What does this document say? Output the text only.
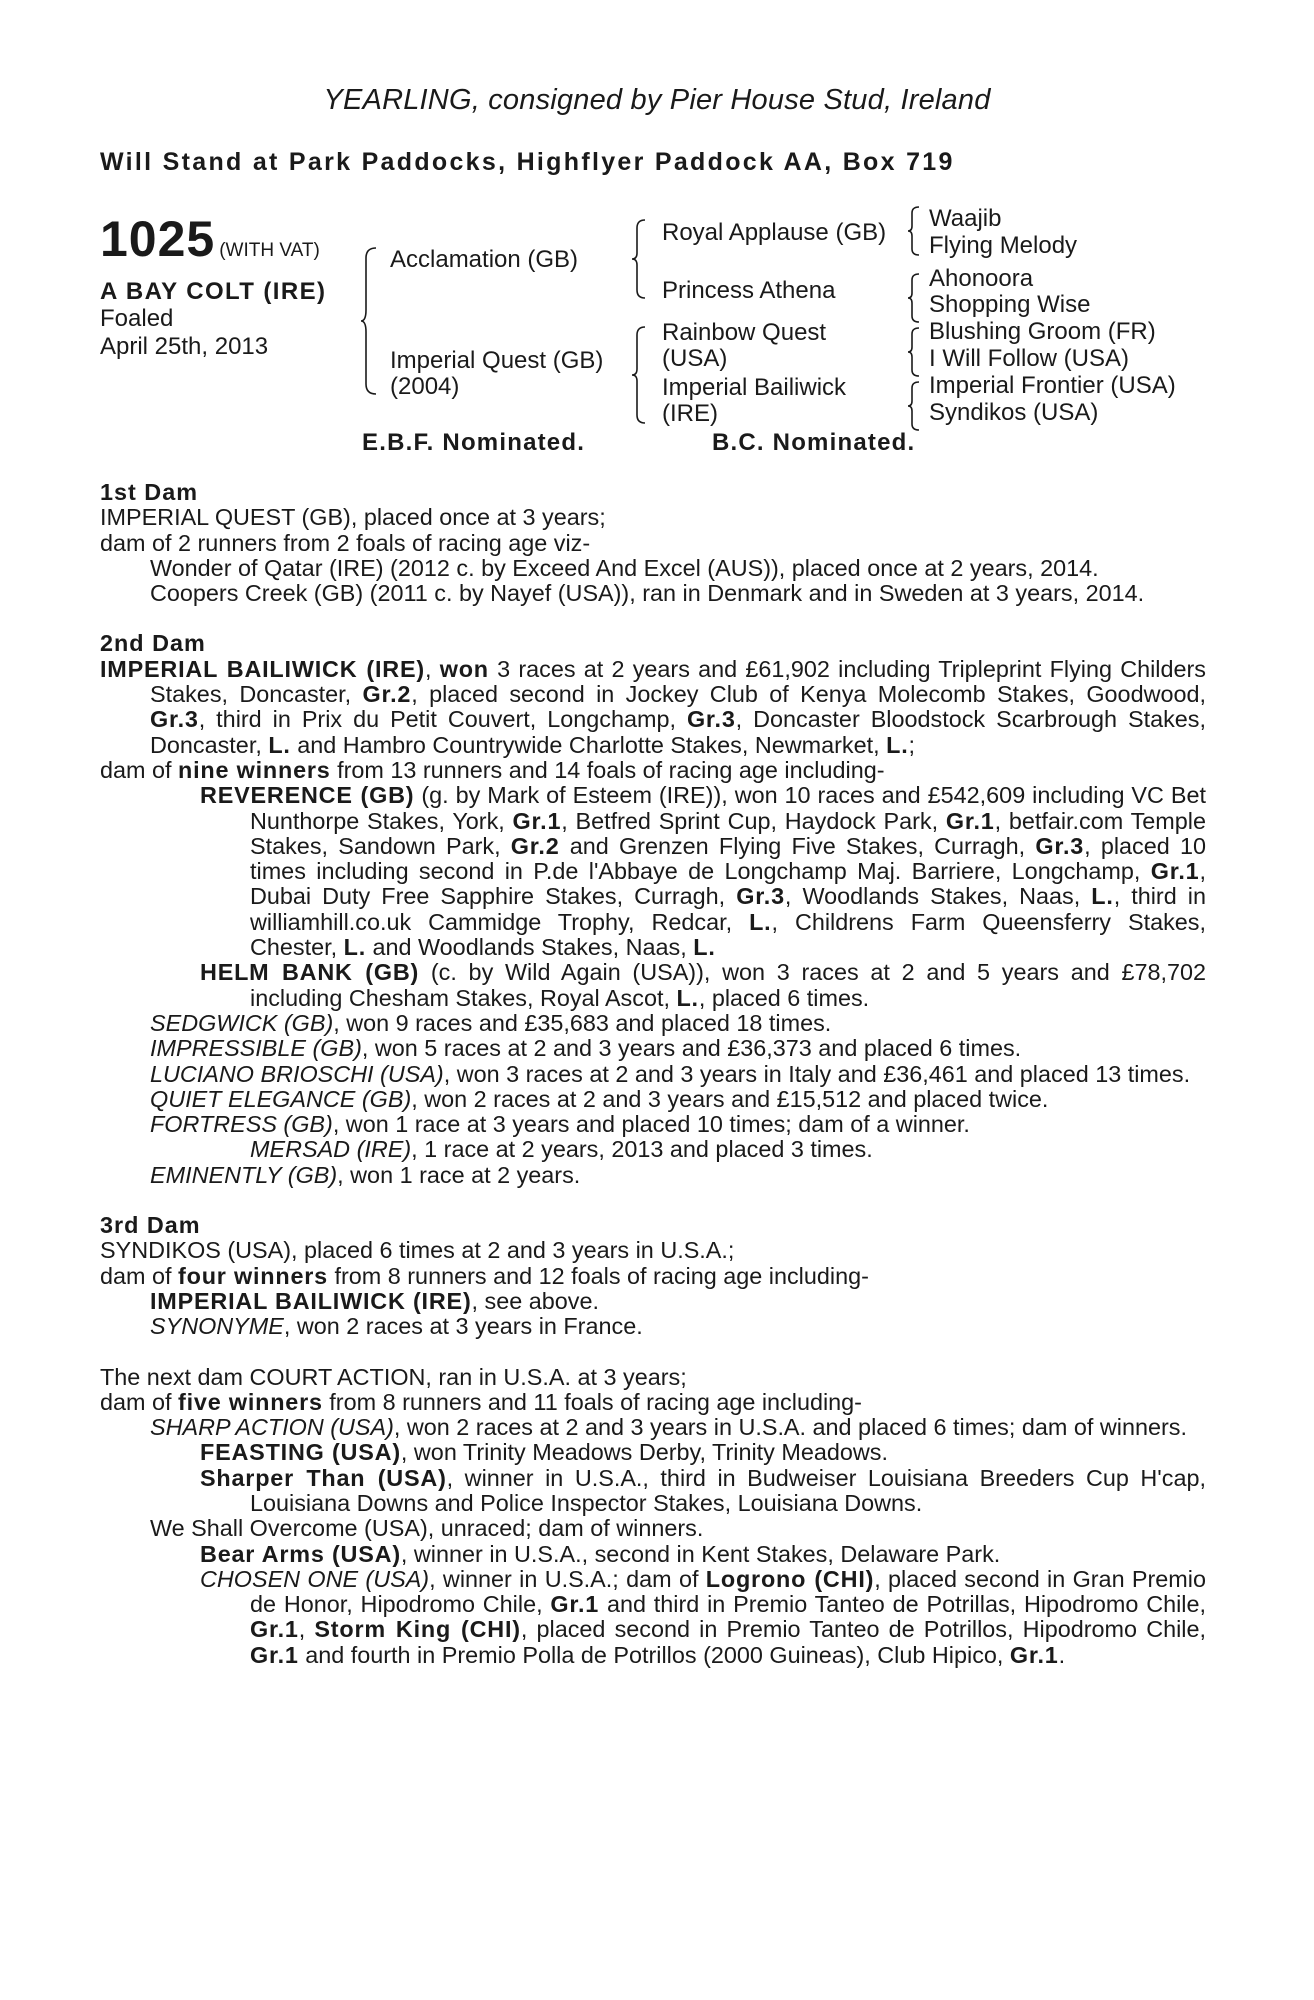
YEARLING, consigned by Pier House Stud, Ireland
Will Stand at Park Paddocks, Highflyer Paddock AA, Box 719
1025 (WITH VAT)
A BAY COLT (IRE)
Foaled
April 25th, 2013
Acclamation (GB)
Imperial Quest (GB)
(2004)
Royal Applause (GB)
Princess Athena
Rainbow Quest
(USA)
Imperial Bailiwick
(IRE)
Waajib
Flying Melody
Ahonoora
Shopping Wise
Blushing Groom (FR)
I Will Follow (USA)
Imperial Frontier (USA)
Syndikos (USA)
E.B.F. Nominated.	B.C. Nominated.

1st Dam

IMPERIAL QUEST (GB), placed once at 3 years;

dam of 2 runners from 2 foals of racing age viz-

Wonder of Qatar (IRE) (2012 c. by Exceed And Excel (AUS)), placed once at 2 years, 2014.

Coopers Creek (GB) (2011 c. by Nayef (USA)), ran in Denmark and in Sweden at 3 years, 2014.

2nd Dam

IMPERIAL BAILIWICK (IRE), won 3 races at 2 years and £61,902 including Tripleprint Flying Childers Stakes, Doncaster, Gr.2, placed second in Jockey Club of Kenya Molecomb Stakes, Goodwood, Gr.3, third in Prix du Petit Couvert, Longchamp, Gr.3, Doncaster Bloodstock Scarbrough Stakes, Doncaster, L. and Hambro Countrywide Charlotte Stakes, Newmarket, L.;

dam of nine winners from 13 runners and 14 foals of racing age including-

REVERENCE (GB) (g. by Mark of Esteem (IRE)), won 10 races and £542,609 including VC Bet Nunthorpe Stakes, York, Gr.1, Betfred Sprint Cup, Haydock Park, Gr.1, betfair.com Temple Stakes, Sandown Park, Gr.2 and Grenzen Flying Five Stakes, Curragh, Gr.3, placed 10 times including second in P.de l'Abbaye de Longchamp Maj. Barriere, Longchamp, Gr.1, Dubai Duty Free Sapphire Stakes, Curragh, Gr.3, Woodlands Stakes, Naas, L., third in williamhill.co.uk Cammidge Trophy, Redcar, L., Childrens Farm Queensferry Stakes, Chester, L. and Woodlands Stakes, Naas, L.

HELM BANK (GB) (c. by Wild Again (USA)), won 3 races at 2 and 5 years and £78,702 including Chesham Stakes, Royal Ascot, L., placed 6 times.

SEDGWICK (GB), won 9 races and £35,683 and placed 18 times.

IMPRESSIBLE (GB), won 5 races at 2 and 3 years and £36,373 and placed 6 times.

LUCIANO BRIOSCHI (USA), won 3 races at 2 and 3 years in Italy and £36,461 and placed 13 times.

QUIET ELEGANCE (GB), won 2 races at 2 and 3 years and £15,512 and placed twice.

FORTRESS (GB), won 1 race at 3 years and placed 10 times; dam of a winner.

MERSAD (IRE), 1 race at 2 years, 2013 and placed 3 times.

EMINENTLY (GB), won 1 race at 2 years.

3rd Dam

SYNDIKOS (USA), placed 6 times at 2 and 3 years in U.S.A.;

dam of four winners from 8 runners and 12 foals of racing age including-

IMPERIAL BAILIWICK (IRE), see above.

SYNONYME, won 2 races at 3 years in France.

The next dam COURT ACTION, ran in U.S.A. at 3 years;

dam of five winners from 8 runners and 11 foals of racing age including-

SHARP ACTION (USA), won 2 races at 2 and 3 years in U.S.A. and placed 6 times; dam of winners.

FEASTING (USA), won Trinity Meadows Derby, Trinity Meadows.

Sharper Than (USA), winner in U.S.A., third in Budweiser Louisiana Breeders Cup H'cap, Louisiana Downs and Police Inspector Stakes, Louisiana Downs.

We Shall Overcome (USA), unraced; dam of winners.

Bear Arms (USA), winner in U.S.A., second in Kent Stakes, Delaware Park.

CHOSEN ONE (USA), winner in U.S.A.; dam of Logrono (CHI), placed second in Gran Premio de Honor, Hipodromo Chile, Gr.1 and third in Premio Tanteo de Potrillas, Hipodromo Chile, Gr.1, Storm King (CHI), placed second in Premio Tanteo de Potrillos, Hipodromo Chile, Gr.1 and fourth in Premio Polla de Potrillos (2000 Guineas), Club Hipico, Gr.1.
